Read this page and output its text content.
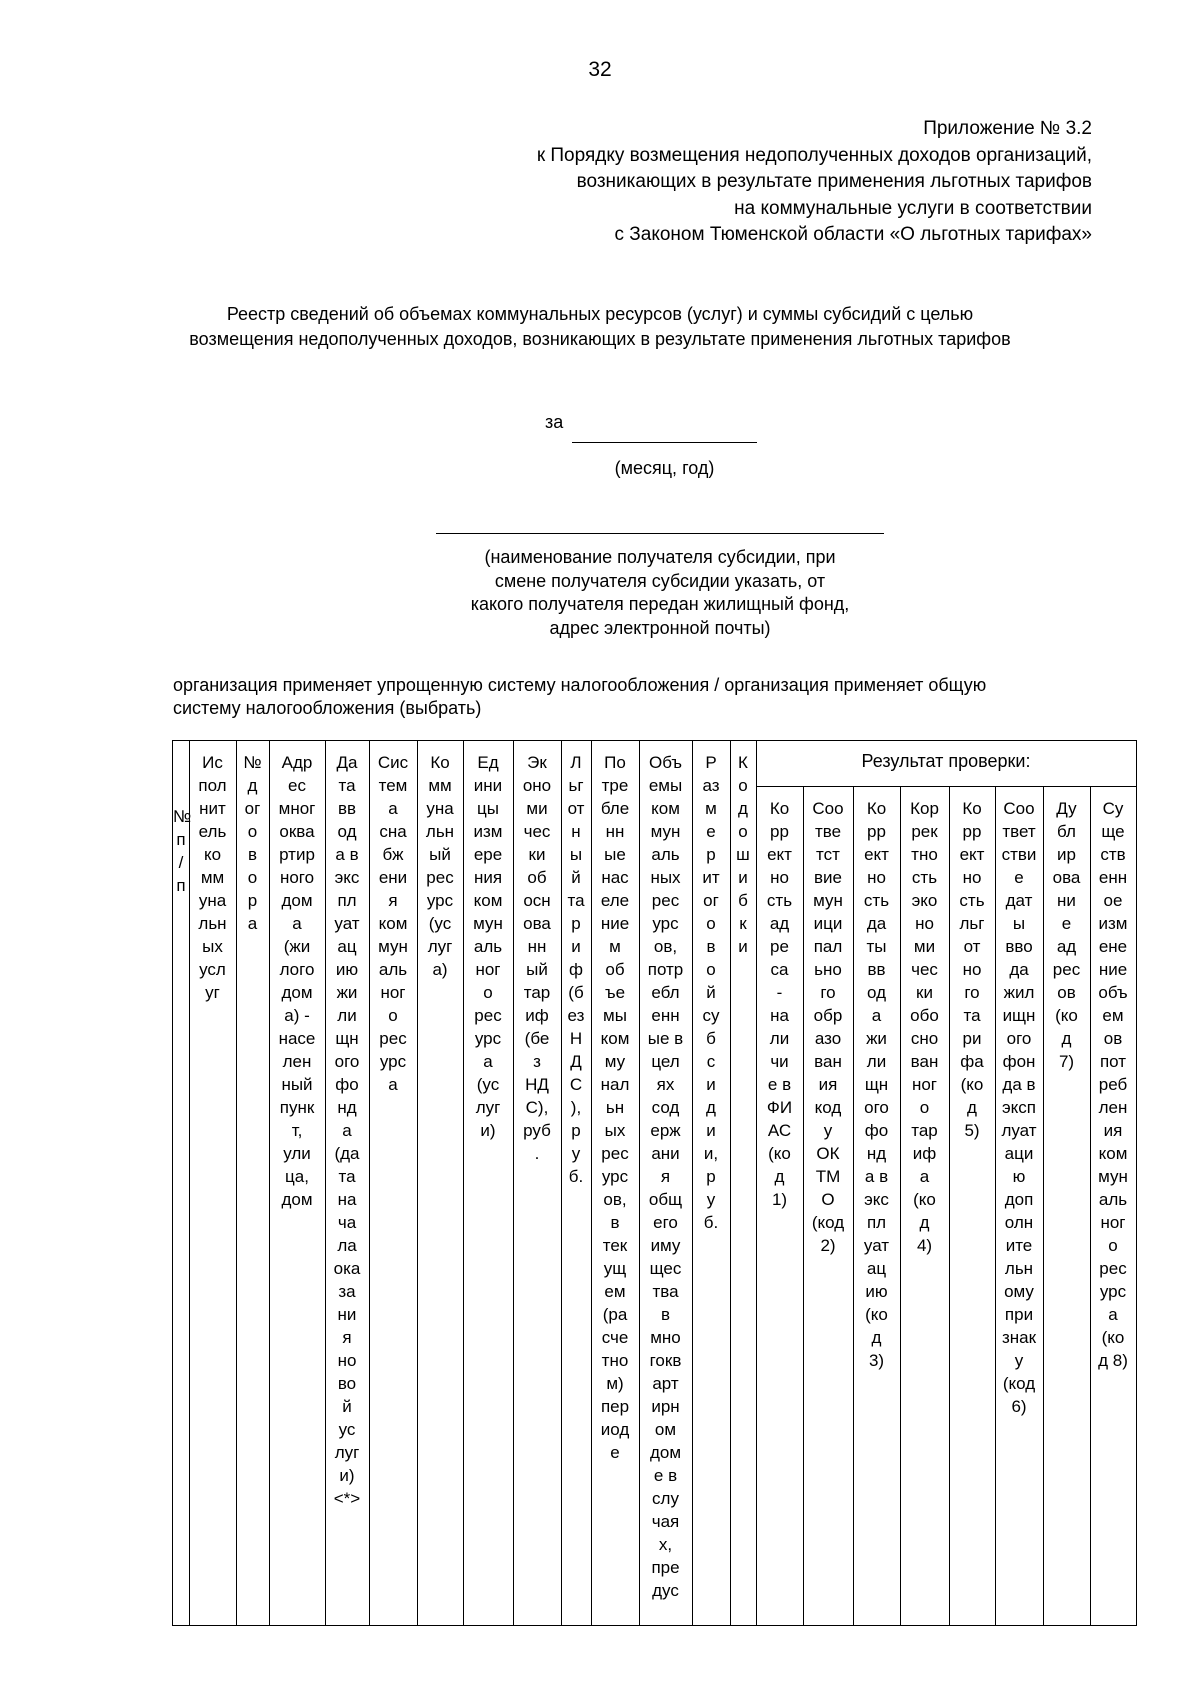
32
Приложение № 3.2
к Порядку возмещения недополученных доходов организаций,
возникающих в результате применения льготных тарифов
на коммунальные услуги в соответствии
с Законом Тюменской области «О льготных тарифах»
Реестр сведений об объемах коммунальных ресурсов (услуг) и суммы субсидий с целью
возмещения недополученных доходов, возникающих в результате применения льготных тарифов
за
(месяц, год)
(наименование получателя субсидии, при
смене получателя субсидии указать, от
какого получателя передан жилищный фонд,
адрес электронной почты)
организация применяет упрощенную систему налогообложения / организация применяет общую
систему налогообложения (выбрать)
Результат проверки:
№
п
/
п
Ис
пол
нит
ель
ко
мм
уна
льн
ых
усл
уг
№
д
ог
о
в
о
р
а
Адр
ес
мног
оква
ртир
ного
дом
а
(жи
лого
дом
а) -
насе
лен
ный
пунк
т,
ули
ца,
дом
Да
та
вв
од
а в
экс
пл
уат
ац
ию
жи
ли
щн
ого
фо
нд
а
(да
та
на
ча
ла
ока
за
ни
я
но
во
й
ус
луг
и)
<*>
Сис
тем
а
сна
бж
ени
я
ком
мун
аль
ног
о
рес
урс
а
Ко
мм
уна
льн
ый
рес
урс
(ус
луг
а)
Ед
ини
цы
изм
ере
ния
ком
мун
аль
ног
о
рес
урс
а
(ус
луг
и)
Эк
оно
ми
чес
ки
об
осн
ова
нн
ый
тар
иф
(бе
з
НД
С),
руб
.
Л
ьг
от
н
ы
й
та
р
и
ф
(б
ез
Н
Д
С
),
р
у
б.
По
тре
бле
нн
ые
нас
еле
ние
м
об
ъе
мы
ком
му
нал
ьн
ых
рес
урс
ов,
в
тек
ущ
ем
(ра
сче
тно
м)
пер
иод
е
Объ
емы
ком
мун
аль
ных
рес
урс
ов,
потр
ебл
енн
ые в
цел
ях
сод
ерж
ани
я
общ
его
иму
щес
тва
в
мно
гокв
арт
ирн
ом
дом
е в
слу
чая
х,
пре
дус
Р
аз
м
е
р
ит
ог
о
в
о
й
су
б
с
и
д
и
и,
р
у
б.
К
о
д
о
ш
и
б
к
и
Ко
рр
ект
но
сть
ад
ре
са
-
на
ли
чи
е в
ФИ
АС
(ко
д
1)
Соо
тве
тст
вие
мун
ици
пал
ьно
го
обр
азо
ван
ия
код
у
ОК
ТМ
О
(код
2)
Ко
рр
ект
но
сть
да
ты
вв
од
а
жи
ли
щн
ого
фо
нд
а в
экс
пл
уат
ац
ию
(ко
д
3)
Кор
рек
тно
сть
эко
но
ми
чес
ки
обо
сно
ван
ног
о
тар
иф
а
(ко
д
4)
Ко
рр
ект
но
сть
льг
от
но
го
та
ри
фа
(ко
д
5)
Соо
твет
стви
е
дат
ы
вво
да
жил
ищн
ого
фон
да в
эксп
луат
аци
ю
доп
олн
ите
льн
ому
при
знак
у
(код
6)
Ду
бл
ир
ова
ни
е
ад
рес
ов
(ко
д
7)
Су
ще
ств
енн
ое
изм
ене
ние
объ
ем
ов
пот
реб
лен
ия
ком
мун
аль
ног
о
рес
урс
а
(ко
д 8)
